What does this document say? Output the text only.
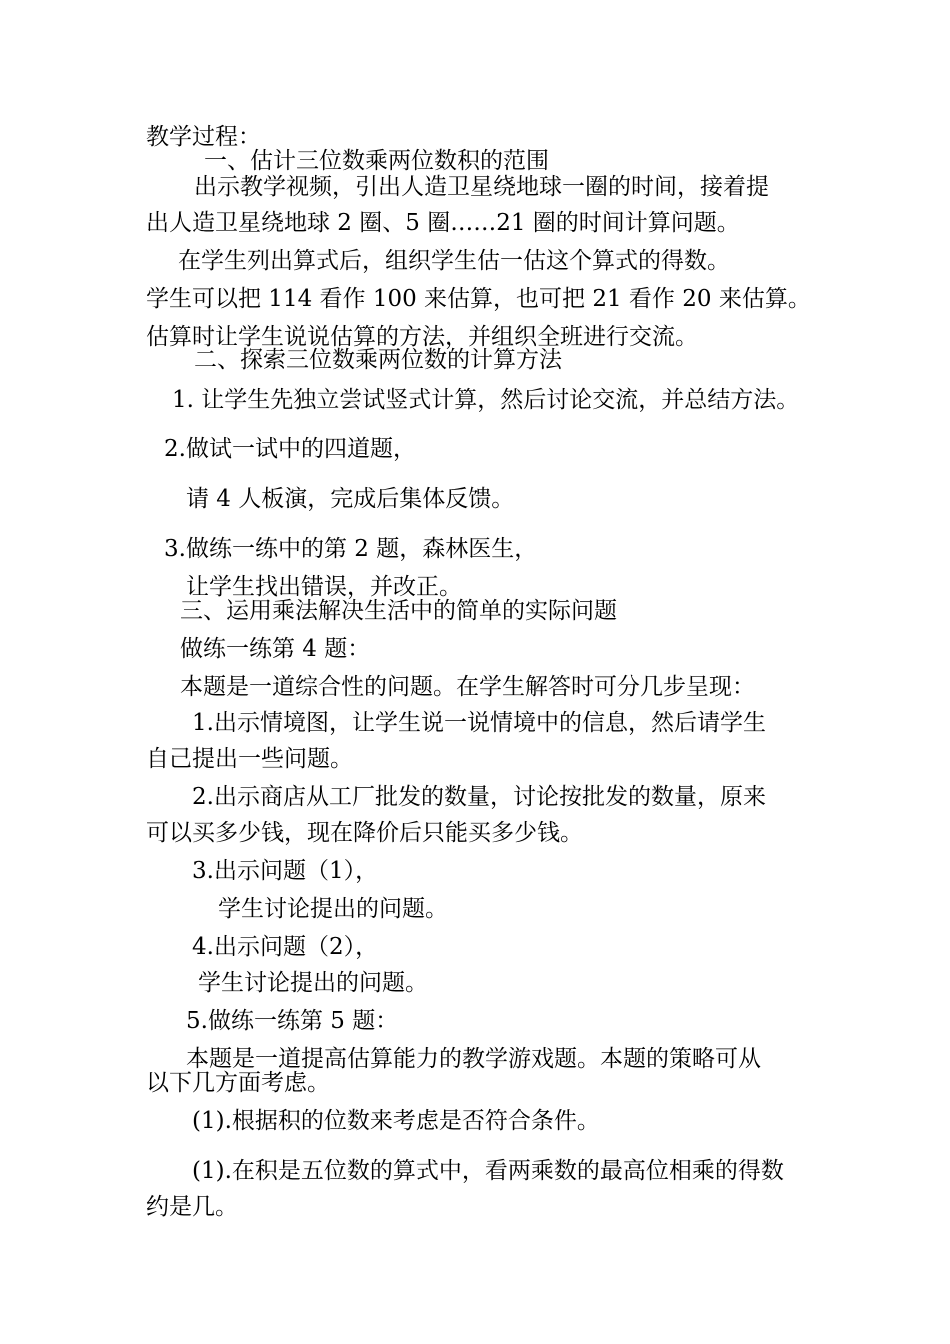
教学过程：

一、估计三位数乘两位数积的范围

出示教学视频，引出人造卫星绕地球一圈的时间，接着提

出人造卫星绕地球 2 圈、5 圈……21 圈的时间计算问题。

在学生列出算式后，组织学生估一估这个算式的得数。

学生可以把 114 看作 100 来估算，也可把 21 看作 20 来估算。

估算时让学生说说估算的方法，并组织全班进行交流。

二、探索三位数乘两位数的计算方法

1. 让学生先独立尝试竖式计算，然后讨论交流，并总结方法。

2.做试一试中的四道题，

请 4 人板演，完成后集体反馈。

3.做练一练中的第 2 题，森林医生，

让学生找出错误，并改正。

三、运用乘法解决生活中的简单的实际问题

做练一练第 4 题：

本题是一道综合性的问题。在学生解答时可分几步呈现：

1.出示情境图，让学生说一说情境中的信息，然后请学生

自己提出一些问题。

2.出示商店从工厂批发的数量，讨论按批发的数量，原来

可以买多少钱，现在降价后只能买多少钱。

3.出示问题（1），

学生讨论提出的问题。

4.出示问题（2），

学生讨论提出的问题。

5.做练一练第 5 题：

本题是一道提高估算能力的教学游戏题。本题的策略可从

以下几方面考虑。

(1).根据积的位数来考虑是否符合条件。

(1).在积是五位数的算式中，看两乘数的最高位相乘的得数

约是几。
